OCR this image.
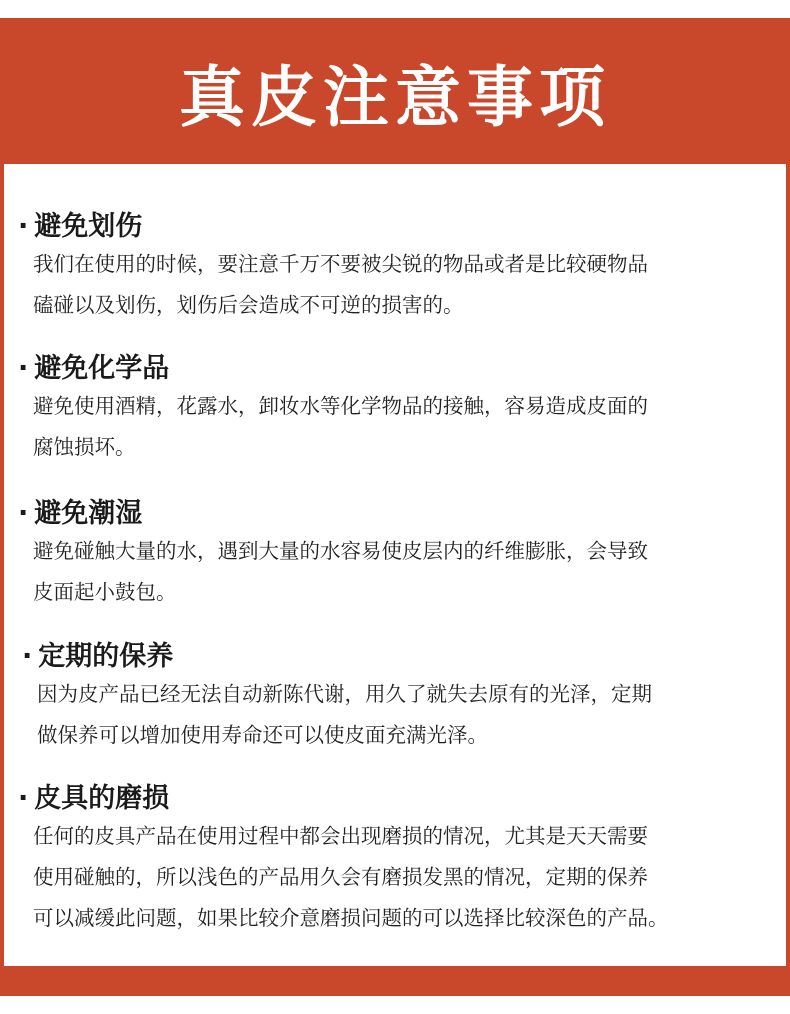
真皮注意事项
· 避免划伤
我们在使用的时候，要注意千万不要被尖锐的物品或者是比较硬物品
磕碰以及划伤，划伤后会造成不可逆的损害的。
· 避免化学品
避免使用酒精，花露水，卸妆水等化学物品的接触，容易造成皮面的
腐蚀损坏。
· 避免潮湿
避免碰触大量的水，遇到大量的水容易使皮层内的纤维膨胀，会导致
皮面起小鼓包。
· 定期的保养
因为皮产品已经无法自动新陈代谢，用久了就失去原有的光泽，定期
做保养可以增加使用寿命还可以使皮面充满光泽。
· 皮具的磨损
任何的皮具产品在使用过程中都会出现磨损的情况，尤其是天天需要
使用碰触的，所以浅色的产品用久会有磨损发黑的情况，定期的保养
可以减缓此问题，如果比较介意磨损问题的可以选择比较深色的产品。
